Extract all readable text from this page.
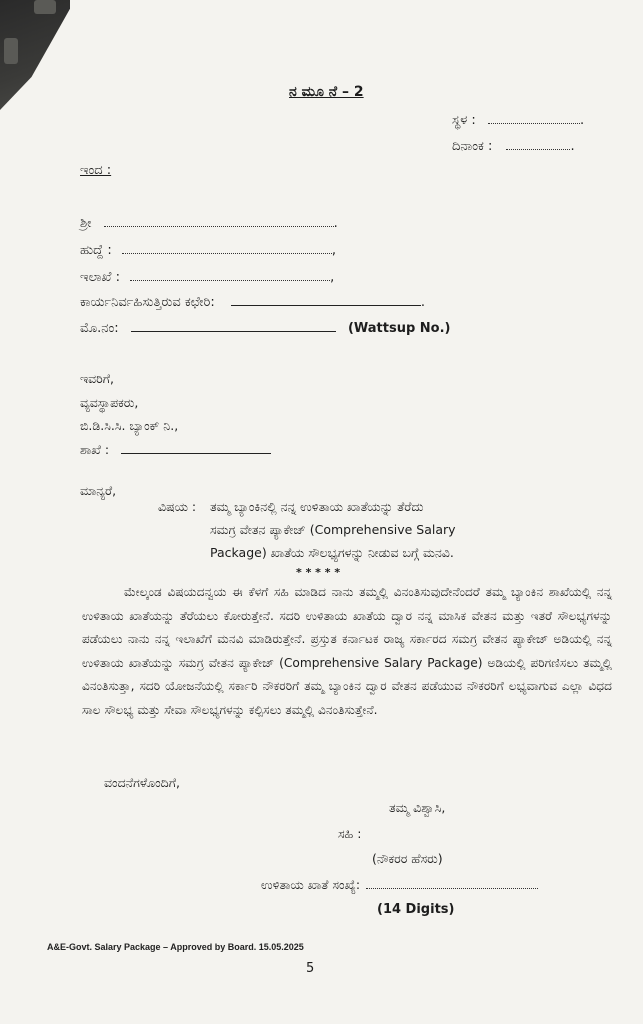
ನ ಮೂ ನೆ – 2
ಸ್ಥಳ :	.
ದಿನಾಂಕ :	.
ಇಂದ :
ಶ್ರೀ	.
ಹುದ್ದೆ :	,
ಇಲಾಖೆ :	,
ಕಾರ್ಯನಿರ್ವಹಿಸುತ್ತಿರುವ ಕಛೇರಿ:	.
ಮೊ.ನಂ:	(Wattsup No.)
ಇವರಿಗೆ,
ವ್ಯವಸ್ಥಾಪಕರು,
ಬಿ.ಡಿ.ಸಿ.ಸಿ. ಬ್ಯಾಂಕ್ ನಿ.,
ಶಾಖೆ :
ಮಾನ್ಯರೆ,
ವಿಷಯ : ತಮ್ಮ ಬ್ಯಾಂಕಿನಲ್ಲಿ ನನ್ನ ಉಳಿತಾಯ ಖಾತೆಯನ್ನು ತೆರೆದು
ಸಮಗ್ರ ವೇತನ ಪ್ಯಾಕೇಜ್ (Comprehensive Salary
Package) ಖಾತೆಯ ಸೌಲಭ್ಯಗಳನ್ನು ನೀಡುವ ಬಗ್ಗೆ ಮನವಿ.
* * * * *
ಮೇಲ್ಕಂಡ ವಿಷಯದನ್ವಯ ಈ ಕೆಳಗೆ ಸಹಿ ಮಾಡಿದ ನಾನು ತಮ್ಮಲ್ಲಿ ವಿನಂತಿಸುವುದೇನೆಂದರೆ ತಮ್ಮ ಬ್ಯಾಂಕಿನ ಶಾಖೆಯಲ್ಲಿ ನನ್ನ ಉಳಿತಾಯ ಖಾತೆಯನ್ನು ತೆರೆಯಲು ಕೋರುತ್ತೇನೆ. ಸದರಿ ಉಳಿತಾಯ ಖಾತೆಯ ದ್ವಾರ ನನ್ನ ಮಾಸಿಕ ವೇತನ ಮತ್ತು ಇತರೆ ಸೌಲಭ್ಯಗಳನ್ನು ಪಡೆಯಲು ನಾನು ನನ್ನ ಇಲಾಖೆಗೆ ಮನವಿ ಮಾಡಿರುತ್ತೇನೆ. ಪ್ರಸ್ತುತ ಕರ್ನಾಟಕ ರಾಜ್ಯ ಸರ್ಕಾರದ ಸಮಗ್ರ ವೇತನ ಪ್ಯಾಕೇಜ್ ಅಡಿಯಲ್ಲಿ ನನ್ನ ಉಳಿತಾಯ ಖಾತೆಯನ್ನು ಸಮಗ್ರ ವೇತನ ಪ್ಯಾಕೇಜ್ (Comprehensive Salary Package) ಅಡಿಯಲ್ಲಿ ಪರಿಗಣಿಸಲು ತಮ್ಮಲ್ಲಿ ವಿನಂತಿಸುತ್ತಾ, ಸದರಿ ಯೋಜನೆಯಲ್ಲಿ ಸರ್ಕಾರಿ ನೌಕರರಿಗೆ ತಮ್ಮ ಬ್ಯಾಂಕಿನ ದ್ವಾರ ವೇತನ ಪಡೆಯುವ ನೌಕರರಿಗೆ ಲಭ್ಯವಾಗುವ ಎಲ್ಲಾ ವಿಧದ ಸಾಲ ಸೌಲಭ್ಯ ಮತ್ತು ಸೇವಾ ಸೌಲಭ್ಯಗಳನ್ನು ಕಲ್ಪಿಸಲು ತಮ್ಮಲ್ಲಿ ವಿನಂತಿಸುತ್ತೇನೆ.
ವಂದನೆಗಳೊಂದಿಗೆ,
ತಮ್ಮ ವಿಶ್ವಾಸಿ,
ಸಹಿ :
(ನೌಕರರ ಹೆಸರು)
ಉಳಿತಾಯ ಖಾತೆ ಸಂಖ್ಯೆ:
(14 Digits)
A&E-Govt. Salary Package – Approved by Board. 15.05.2025
5
